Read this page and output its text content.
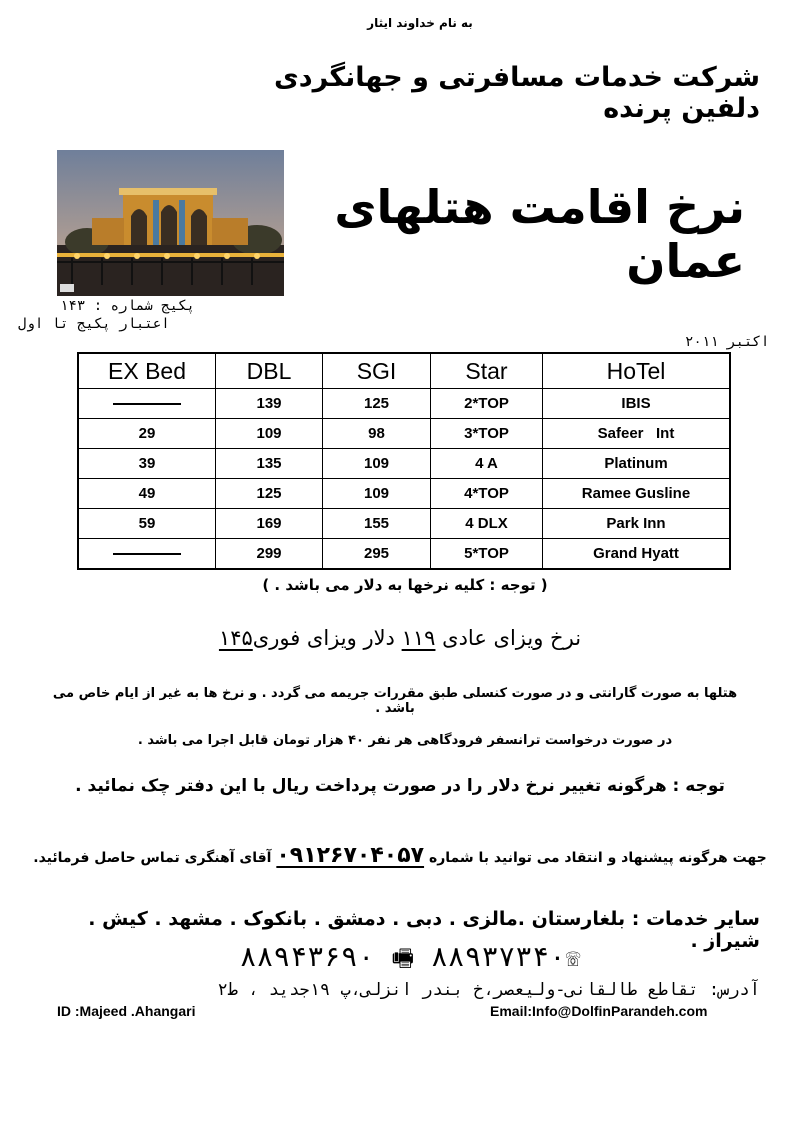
به نام خداوند ایثار
شرکت خدمات مسافرتی و جهانگردی دلفین پرنده
نرخ اقامت هتلهای عمان
پکیج شماره : ۱۴۳
اعتبار پکیج تا اول
اکتبر ۲۰۱۱
EX Bed	DBL	SGI	Star	HoTel
	139	125	2*TOP	IBIS
29	109	98	3*TOP	Safeer   Int
39	135	109	4 A	Platinum
49	125	109	4*TOP	Ramee Gusline
59	169	155	4 DLX	Park Inn
	299	295	5*TOP	Grand Hyatt
( توجه : کلیه نرخها به دلار می باشد . )
نرخ ویزای عادی ۱۱۹ دلار ویزای فوری۱۴۵
هتلها به صورت گارانتی و در صورت کنسلی طبق مقررات جریمه می گردد . و نرخ ها به غیر از ایام خاص می باشد .
در صورت درخواست ترانسفر فرودگاهی هر نفر ۴۰ هزار تومان قابل اجرا می باشد .
توجه : هرگونه تغییر نرخ دلار را در صورت پرداخت ریال با این دفتر چک نمائید .
جهت هرگونه پیشنهاد و انتقاد می توانید با شماره ۰۹۱۲۶۷۰۴۰۵۷ آقای آهنگری تماس حاصل فرمائید.
سایر خدمات : بلغارستان .مالزی . دبی . دمشق . بانکوک . مشهد . کیش . شیراز .
۸۸۹۴۳۶۹۰ 🖷 ۸۸۹۳۷۳۴۰☏
آدرس: تقاطع طالقانی-ولیعصر،خ بندر انزلی،پ ۱۹جدید ، ط۲
ID :Majeed .Ahangari	Email:Info@DolfinParandeh.com
